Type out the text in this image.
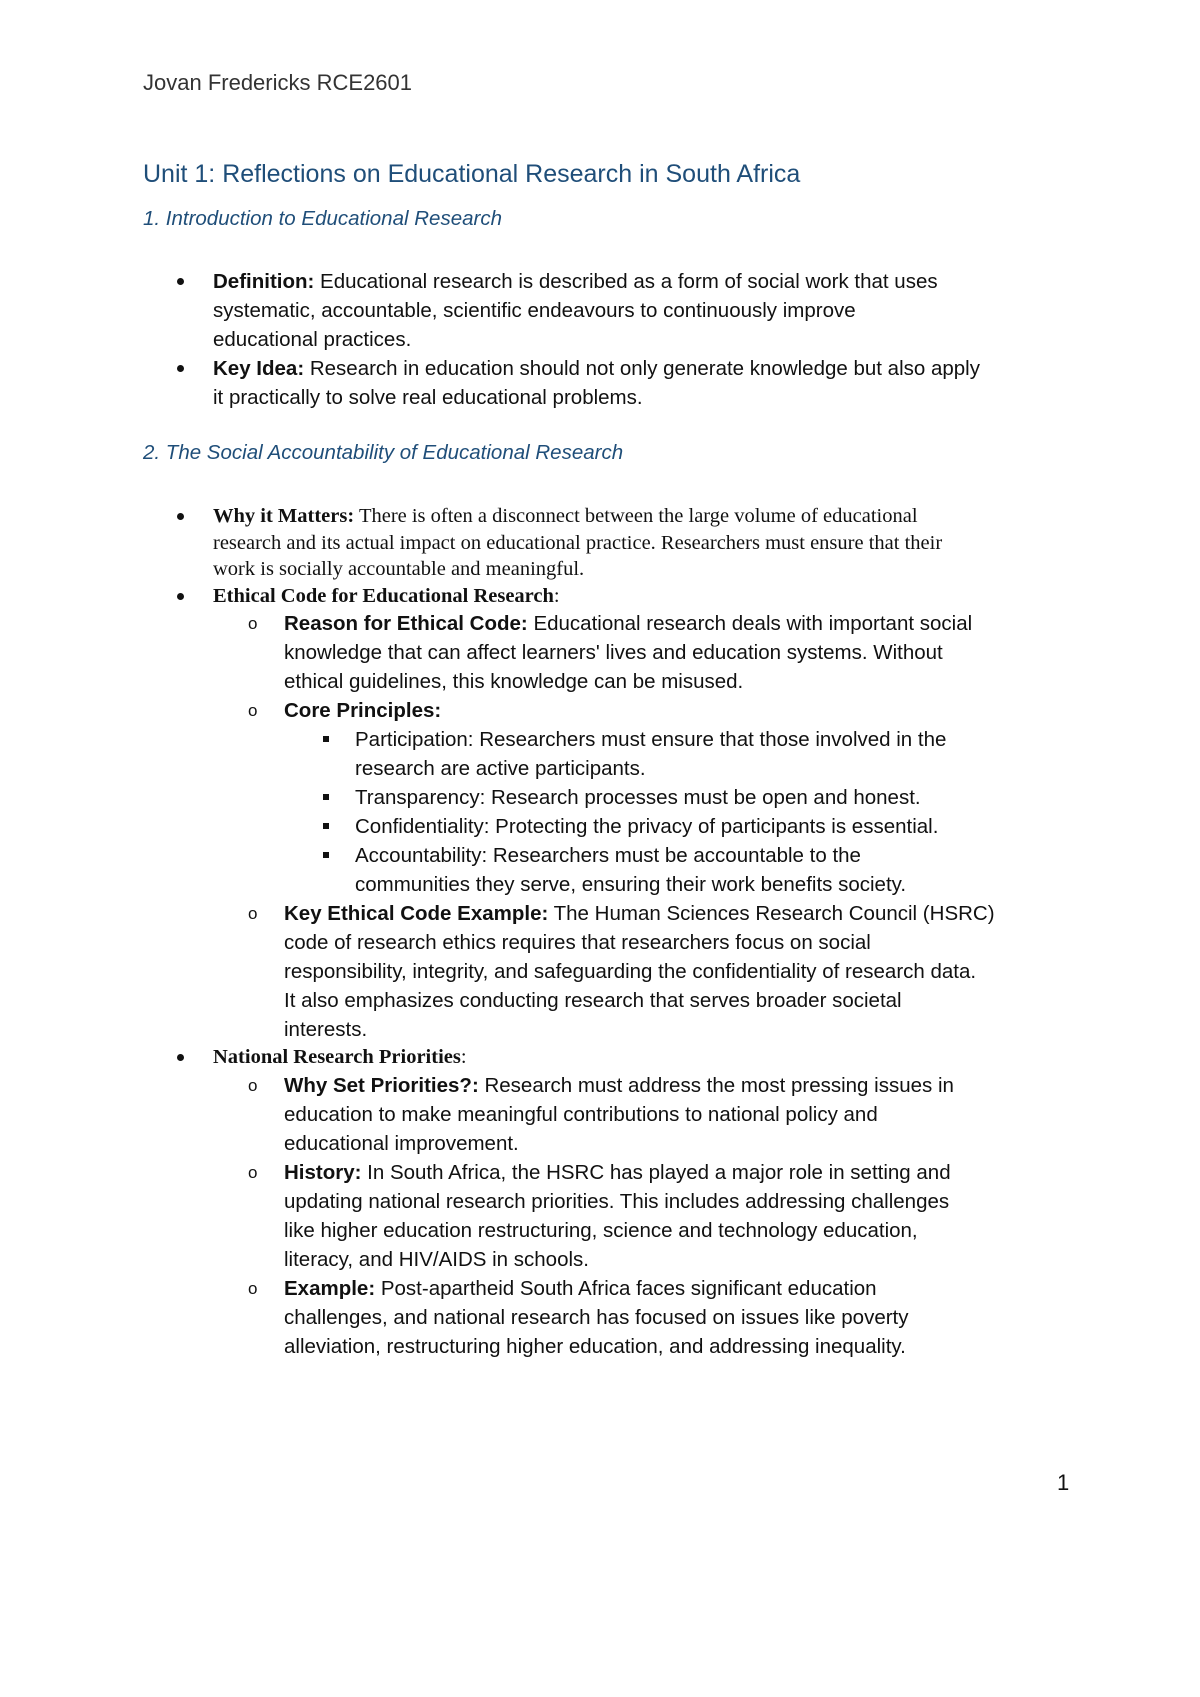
Jovan Fredericks RCE2601
Unit 1: Reflections on Educational Research in South Africa
1. Introduction to Educational Research
Definition: Educational research is described as a form of social work that uses
systematic, accountable, scientific endeavours to continuously improve
educational practices.
Key Idea: Research in education should not only generate knowledge but also apply
it practically to solve real educational problems.
2. The Social Accountability of Educational Research
Why it Matters: There is often a disconnect between the large volume of educational
research and its actual impact on educational practice. Researchers must ensure that their
work is socially accountable and meaningful.
Ethical Code for Educational Research:
o Reason for Ethical Code: Educational research deals with important social
knowledge that can affect learners' lives and education systems. Without
ethical guidelines, this knowledge can be misused.
o Core Principles:
Participation: Researchers must ensure that those involved in the
research are active participants.
Transparency: Research processes must be open and honest.
Confidentiality: Protecting the privacy of participants is essential.
Accountability: Researchers must be accountable to the
communities they serve, ensuring their work benefits society.
o Key Ethical Code Example: The Human Sciences Research Council (HSRC)
code of research ethics requires that researchers focus on social
responsibility, integrity, and safeguarding the confidentiality of research data.
It also emphasizes conducting research that serves broader societal
interests.
National Research Priorities:
o Why Set Priorities?: Research must address the most pressing issues in
education to make meaningful contributions to national policy and
educational improvement.
o History: In South Africa, the HSRC has played a major role in setting and
updating national research priorities. This includes addressing challenges
like higher education restructuring, science and technology education,
literacy, and HIV/AIDS in schools.
o Example: Post-apartheid South Africa faces significant education
challenges, and national research has focused on issues like poverty
alleviation, restructuring higher education, and addressing inequality.
1
